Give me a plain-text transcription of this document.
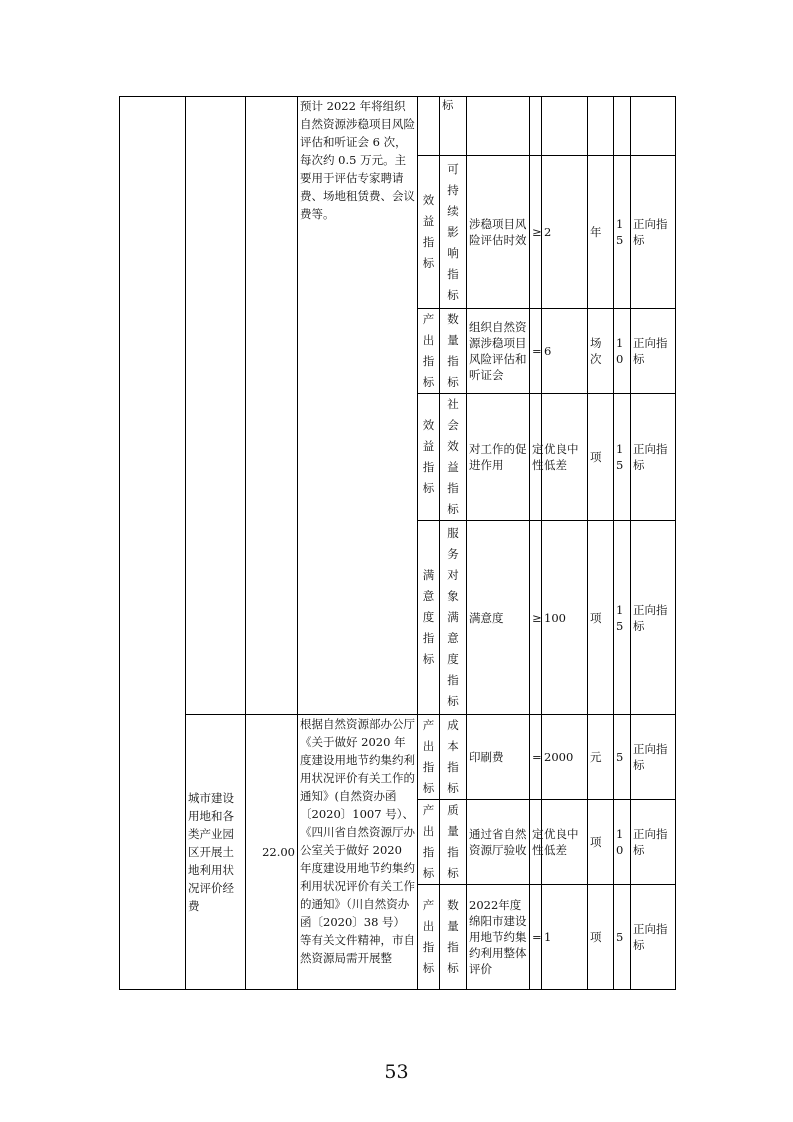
			预计 2022 年将组织自然资源涉稳项目风险评估和听证会 6 次，每次约 0.5 万元。主要用于评估专家聘请费、场地租赁费、会议费等。		标						
				效益指标	可持续影响指标	涉稳项目风险评估时效	≥	2	年	15	正向指标
				产出指标	数量指标	组织自然资源涉稳项目风险评估和听证会	=	6	场次	10	正向指标
				效益指标	社会效益指标	对工作的促进作用	定性	优良中低差	项	15	正向指标
				满意度指标	服务对象满意度指标	满意度	≥	100	项	15	正向指标
	城市建设用地和各类产业园区开展土地利用状况评价经费	22.00	根据自然资源部办公厅《关于做好 2020 年度建设用地节约集约利用状况评价有关工作的通知》(自然资办函〔2020〕1007 号）、《四川省自然资源厅办公室关于做好 2020 年度建设用地节约集约利用状况评价有关工作的通知》（川自然资办函〔2020〕38 号）等有关文件精神，市自然资源局需开展整	产出指标	成本指标	印刷费	=	2000	元	5	正向指标
				产出指标	质量指标	通过省自然资源厅验收	定性	优良中低差	项	10	正向指标
				产出指标	数量指标	2022年度绵阳市建设用地节约集约利用整体评价	=	1	项	5	正向指标
53
